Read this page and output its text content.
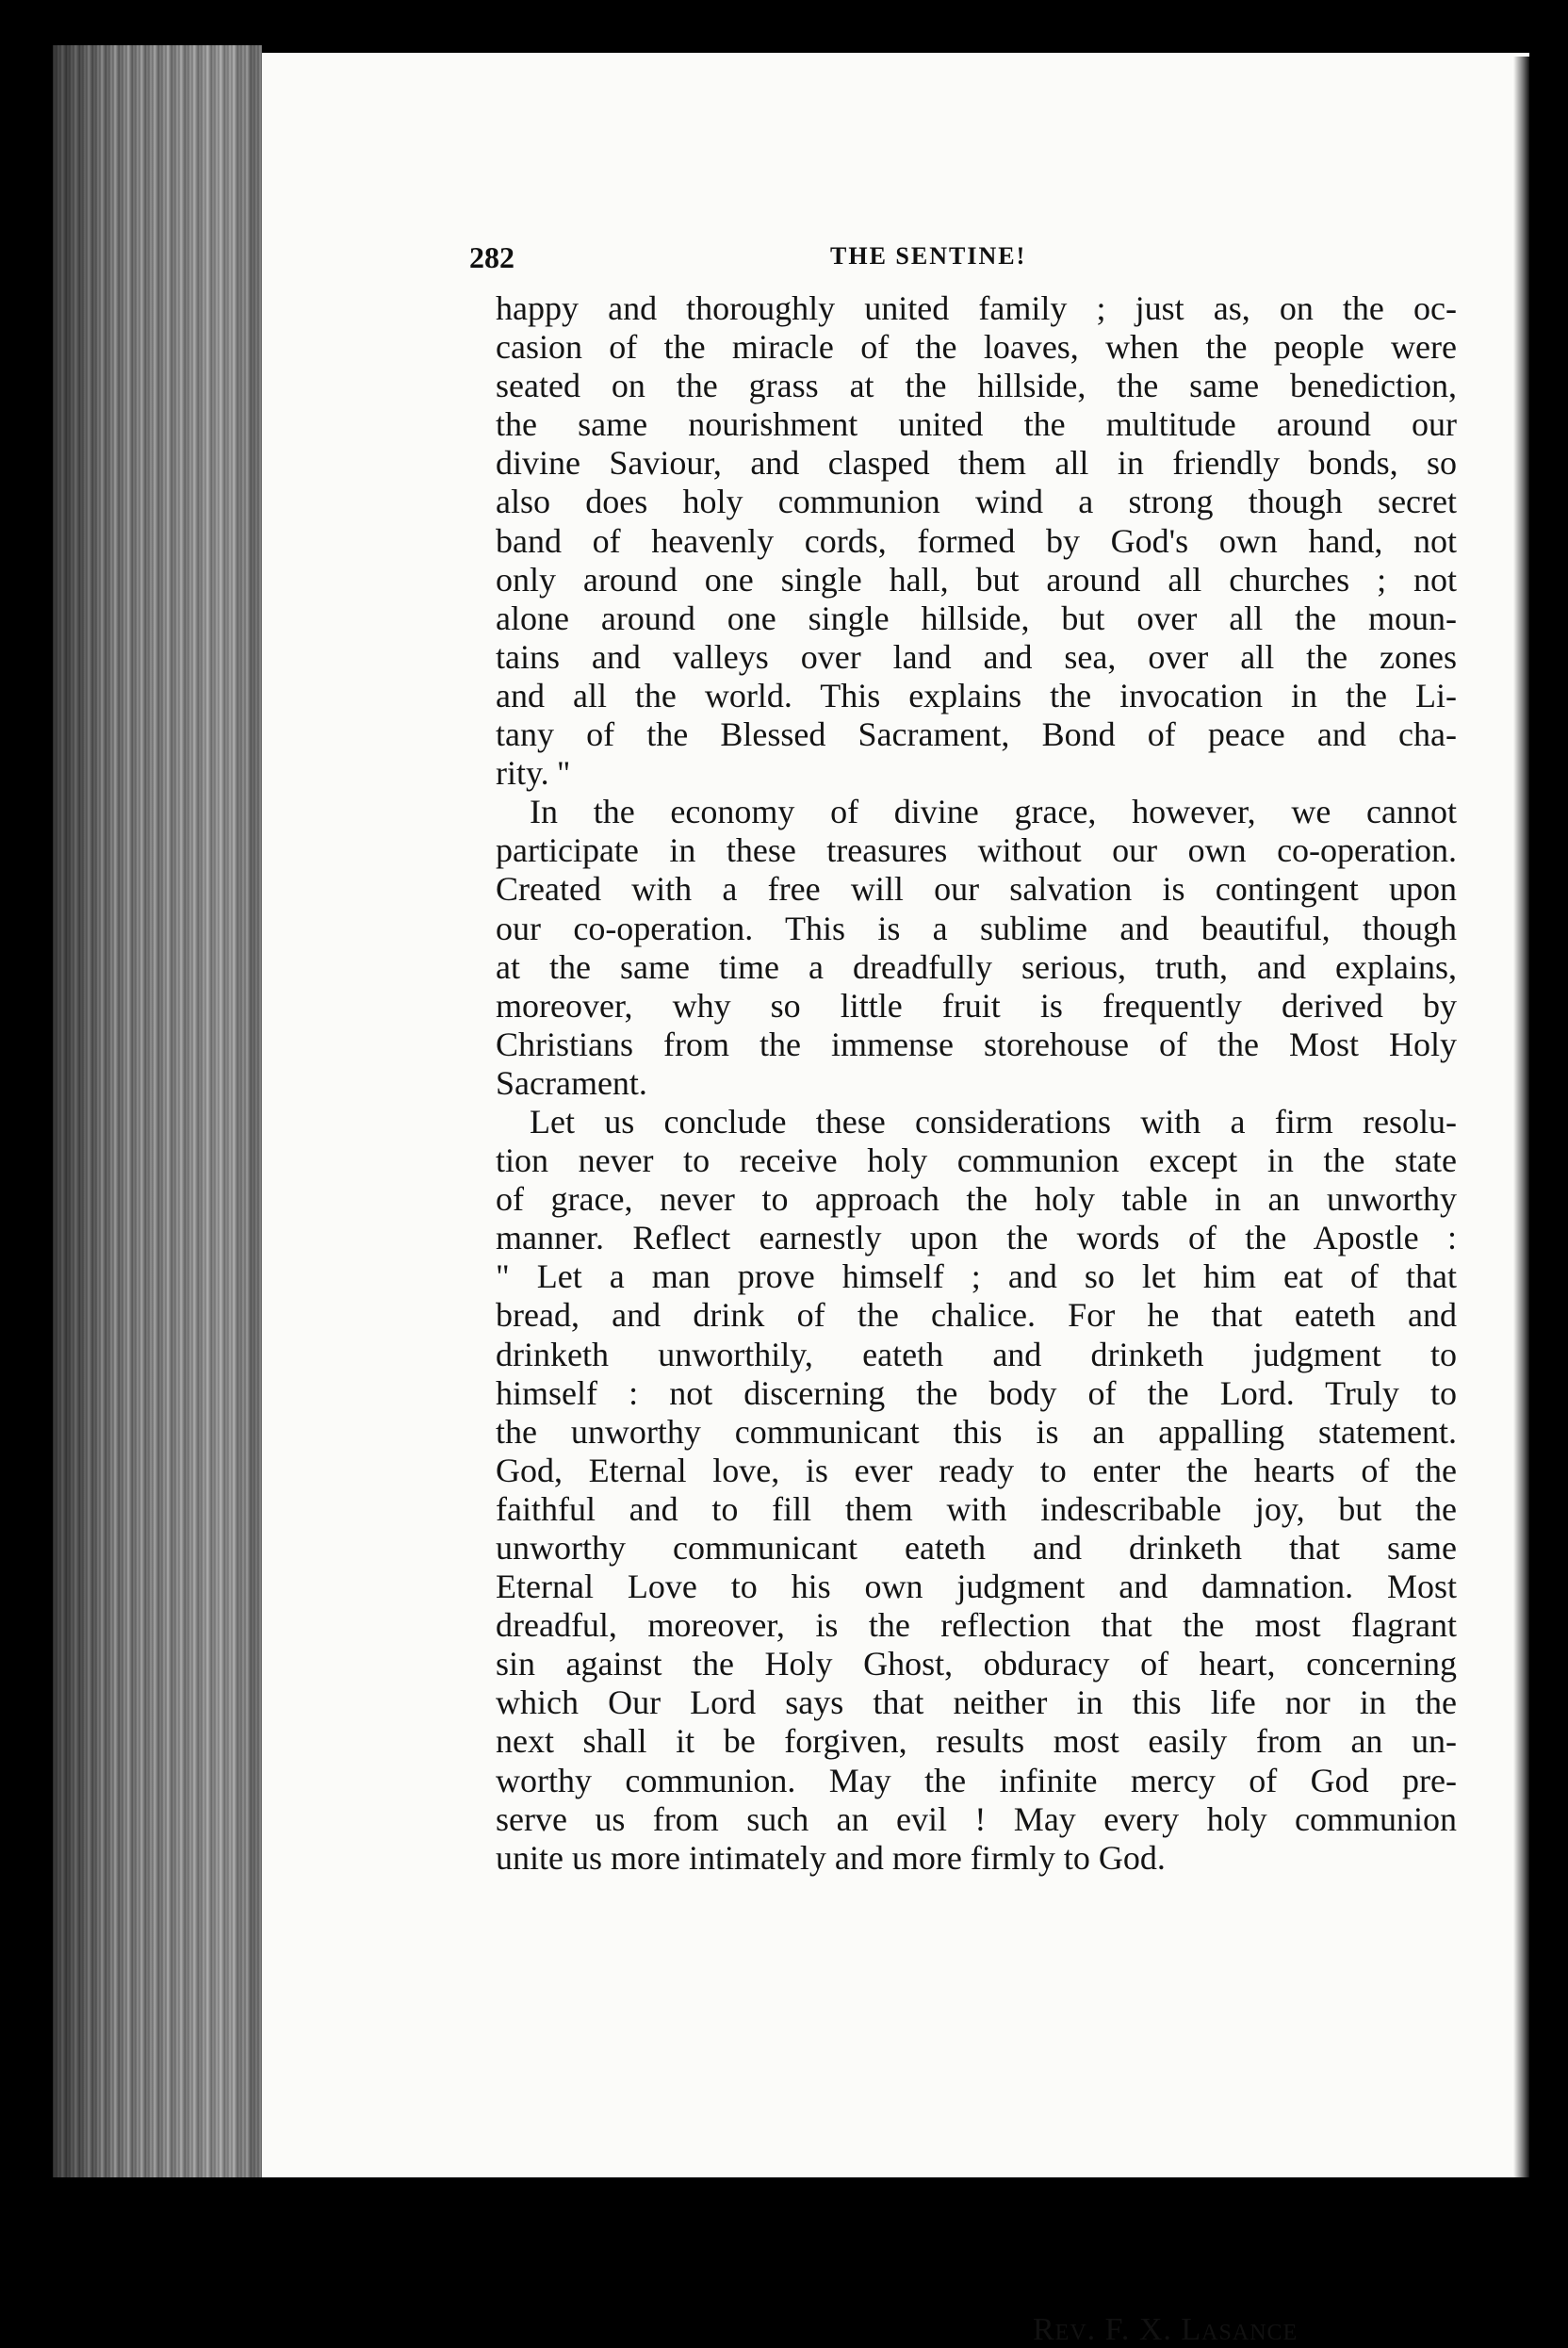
282	THE SENTINE!
happy and thoroughly united family ; just as, on the oc-
casion of the miracle of the loaves, when the people were
seated on the grass at the hillside, the same benediction,
the same nourishment united the multitude around our
divine Saviour, and clasped them all in friendly bonds, so
also does holy communion wind a strong though secret
band of heavenly cords, formed by God's own hand, not
only around one single hall, but around all churches ; not
alone around one single hillside, but over all the moun-
tains and valleys over land and sea, over all the zones
and all the world. This explains the invocation in the Li-
tany of the Blessed Sacrament, Bond of peace and cha-
rity. ''
In the economy of divine grace, however, we cannot
participate in these treasures without our own co-operation.
Created with a free will our salvation is contingent upon
our co-operation. This is a sublime and beautiful, though
at the same time a dreadfully serious, truth, and explains,
moreover, why so little fruit is frequently derived by
Christians from the immense storehouse of the Most Holy
Sacrament.
Let us conclude these considerations with a firm resolu-
tion never to receive holy communion except in the state
of grace, never to approach the holy table in an unworthy
manner. Reflect earnestly upon the words of the Apostle :
" Let a man prove himself ; and so let him eat of that
bread, and drink of the chalice. For he that eateth and
drinketh unworthily, eateth and drinketh judgment to
himself : not discerning the body of the Lord. Truly to
the unworthy communicant this is an appalling statement.
God, Eternal love, is ever ready to enter the hearts of the
faithful and to fill them with indescribable joy, but the
unworthy communicant eateth and drinketh that same
Eternal Love to his own judgment and damnation. Most
dreadful, moreover, is the reflection that the most flagrant
sin against the Holy Ghost, obduracy of heart, concerning
which Our Lord says that neither in this life nor in the
next shall it be forgiven, results most easily from an un-
worthy communion. May the infinite mercy of God pre-
serve us from such an evil ! May every holy communion
unite us more intimately and more firmly to God.
Rev. F. X. Lasance
